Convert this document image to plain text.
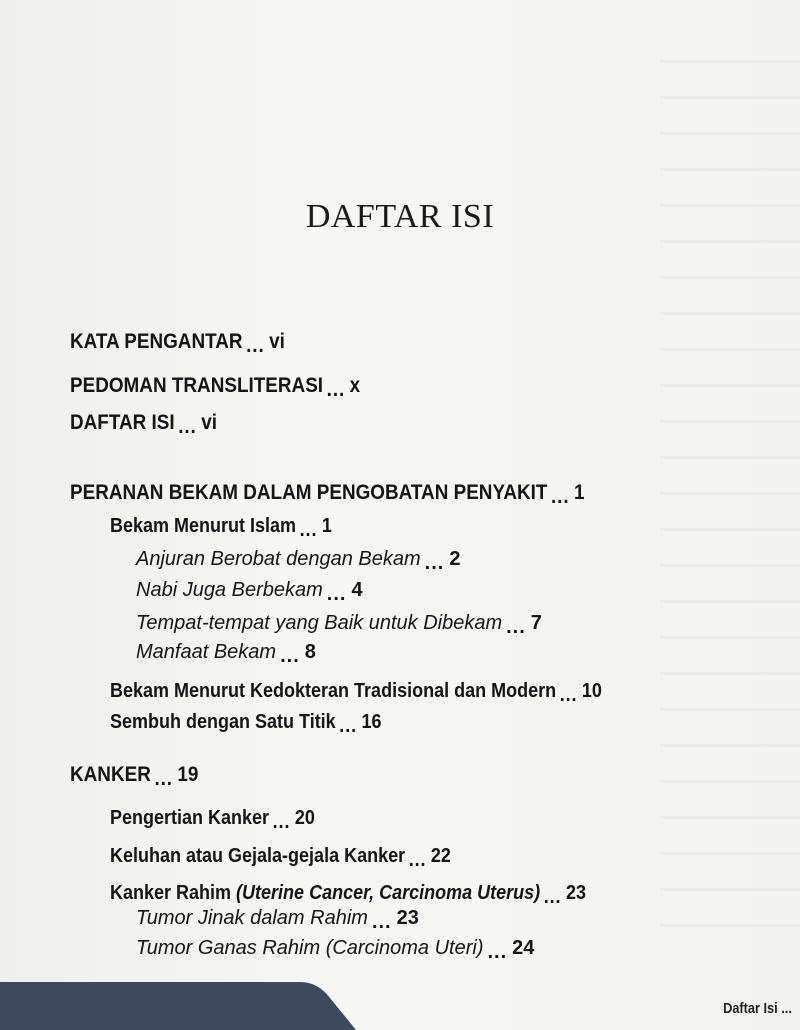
DAFTAR ISI
KATA PENGANTAR ... vi
PEDOMAN TRANSLITERASI ... x
DAFTAR ISI ... vi
PERANAN BEKAM DALAM PENGOBATAN PENYAKIT ... 1
Bekam Menurut Islam ... 1
Anjuran Berobat dengan Bekam ... 2
Nabi Juga Berbekam ... 4
Tempat-tempat yang Baik untuk Dibekam ... 7
Manfaat Bekam ... 8
Bekam Menurut Kedokteran Tradisional dan Modern ... 10
Sembuh dengan Satu Titik ... 16
KANKER ... 19
Pengertian Kanker ... 20
Keluhan atau Gejala-gejala Kanker ... 22
Kanker Rahim (Uterine Cancer, Carcinoma Uterus) ... 23
Tumor Jinak dalam Rahim ... 23
Tumor Ganas Rahim (Carcinoma Uteri) ... 24
Daftar Isi ...
